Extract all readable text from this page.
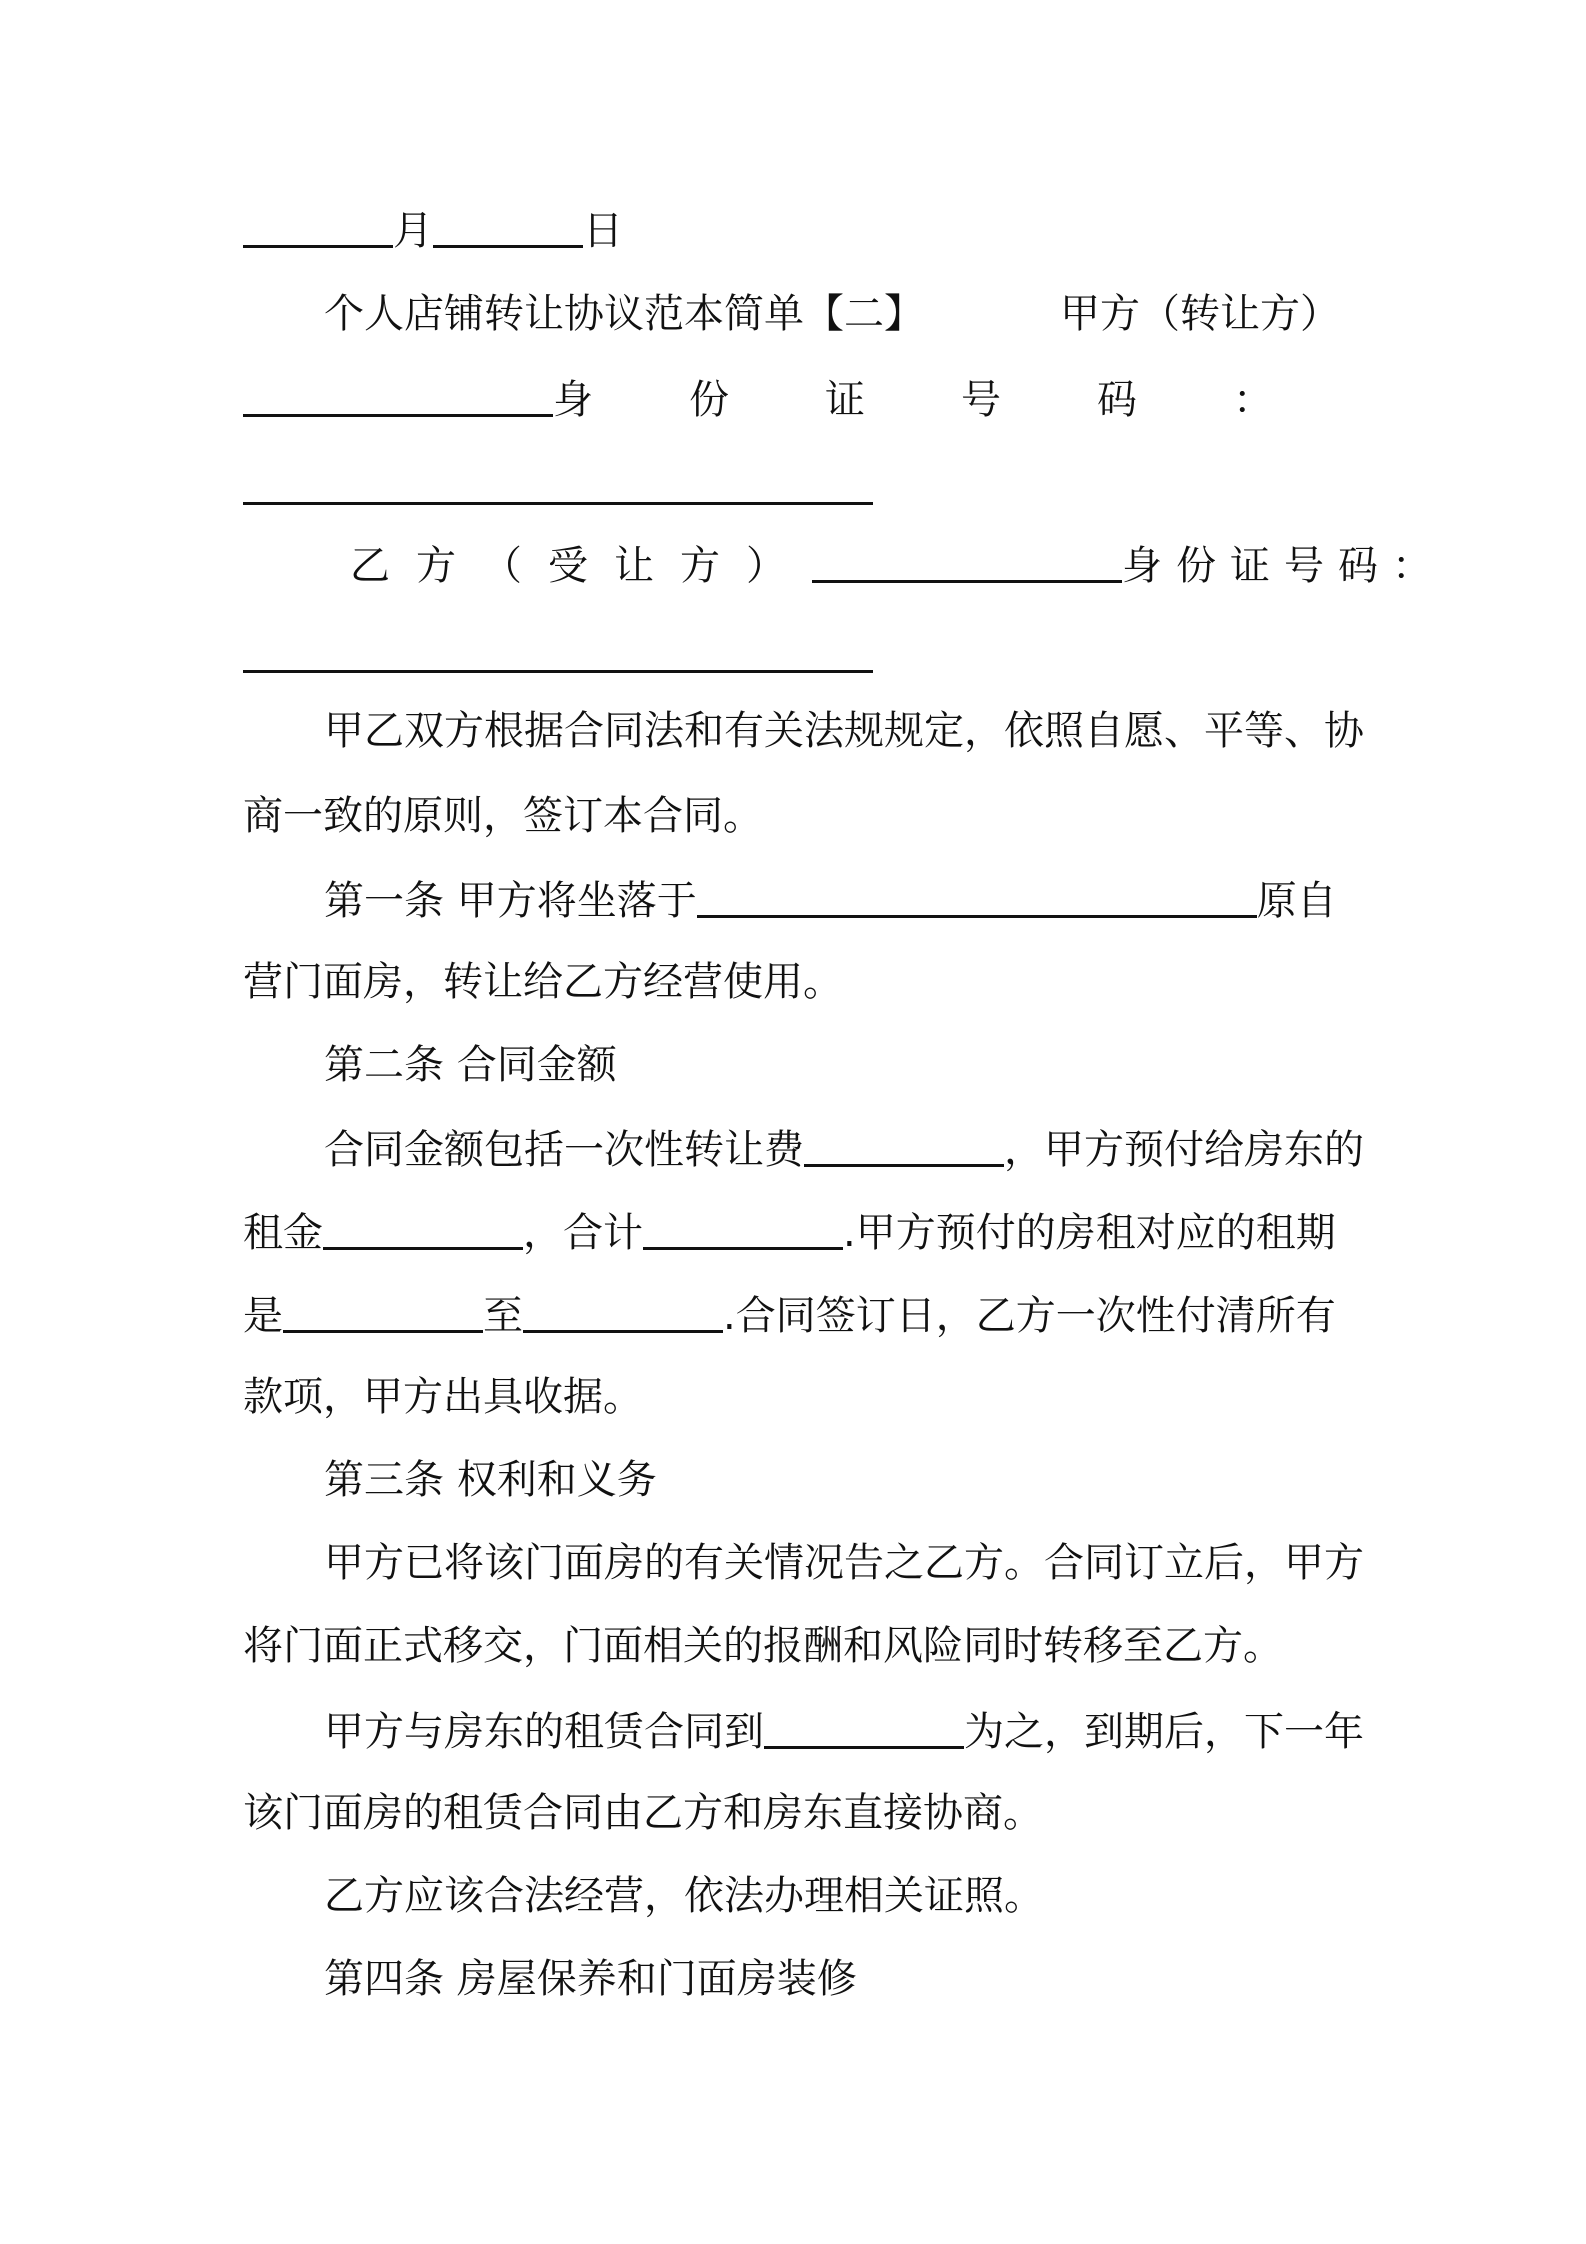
月	日
个人店铺转让协议范本简单【二】	甲方（转让方）
身份证号码：
乙方（受让方）	身份证号码：
甲乙双方根据合同法和有关法规规定，依照自愿、平等、协
商一致的原则，签订本合同。
第一条 甲方将坐落于	原自
营门面房，转让给乙方经营使用。
第二条 合同金额
合同金额包括一次性转让费	，甲方预付给房东的
租金	，合计	.甲方预付的房租对应的租期
是	至	.合同签订日，乙方一次性付清所有
款项，甲方出具收据。
第三条 权利和义务
甲方已将该门面房的有关情况告之乙方。合同订立后，甲方
将门面正式移交，门面相关的报酬和风险同时转移至乙方。
甲方与房东的租赁合同到	为之，到期后，下一年
该门面房的租赁合同由乙方和房东直接协商。
乙方应该合法经营，依法办理相关证照。
第四条 房屋保养和门面房装修
